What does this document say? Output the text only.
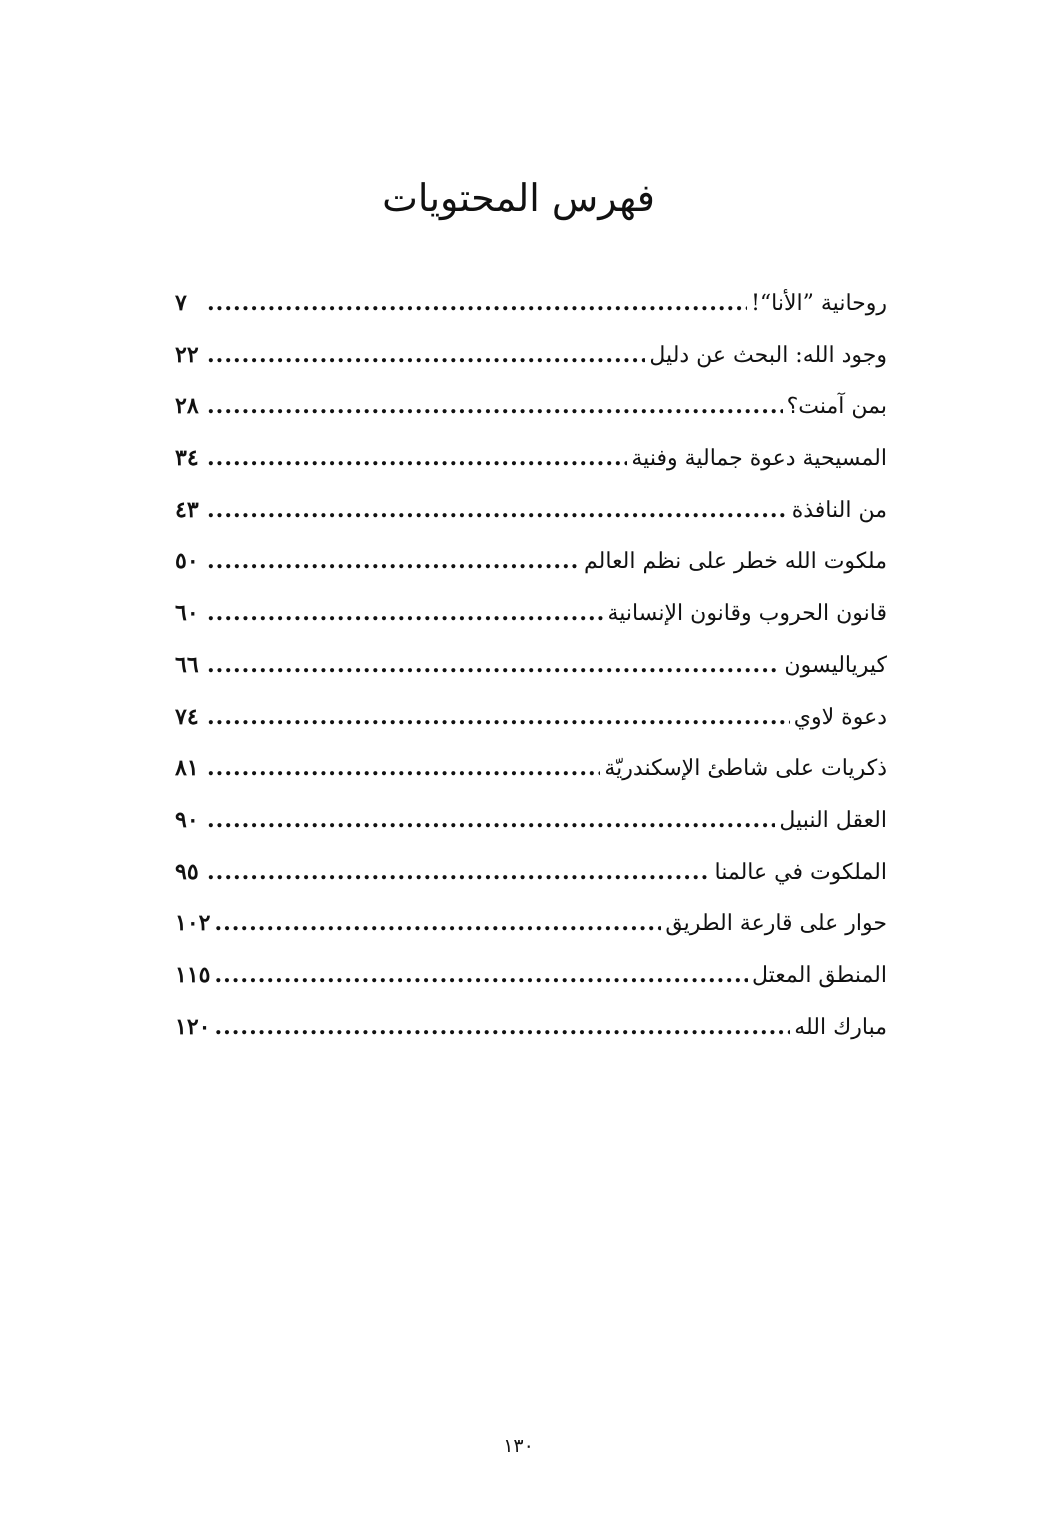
فهرس المحتويات
روحانية ”الأنا“!
.....
٧
وجود الله: البحث عن دليل
.....
٢٢
بمن آمنت؟
.....
٢٨
المسيحية دعوة جمالية وفنية
.....
٣٤
من النافذة
.....
٤٣
ملكوت الله خطر على نظم العالم
.....
٥٠
قانون الحروب وقانون الإنسانية
.....
٦٠
كيرياليسون
.....
٦٦
دعوة لاوي
.....
٧٤
ذكريات على شاطئ الإسكندريّة
.....
٨١
العقل النبيل
.....
٩٠
الملكوت في عالمنا
.....
٩٥
حوار على قارعة الطريق
.....
١٠٢
المنطق المعتل
.....
١١٥
مبارك الله
.....
١٢٠
١٣٠
